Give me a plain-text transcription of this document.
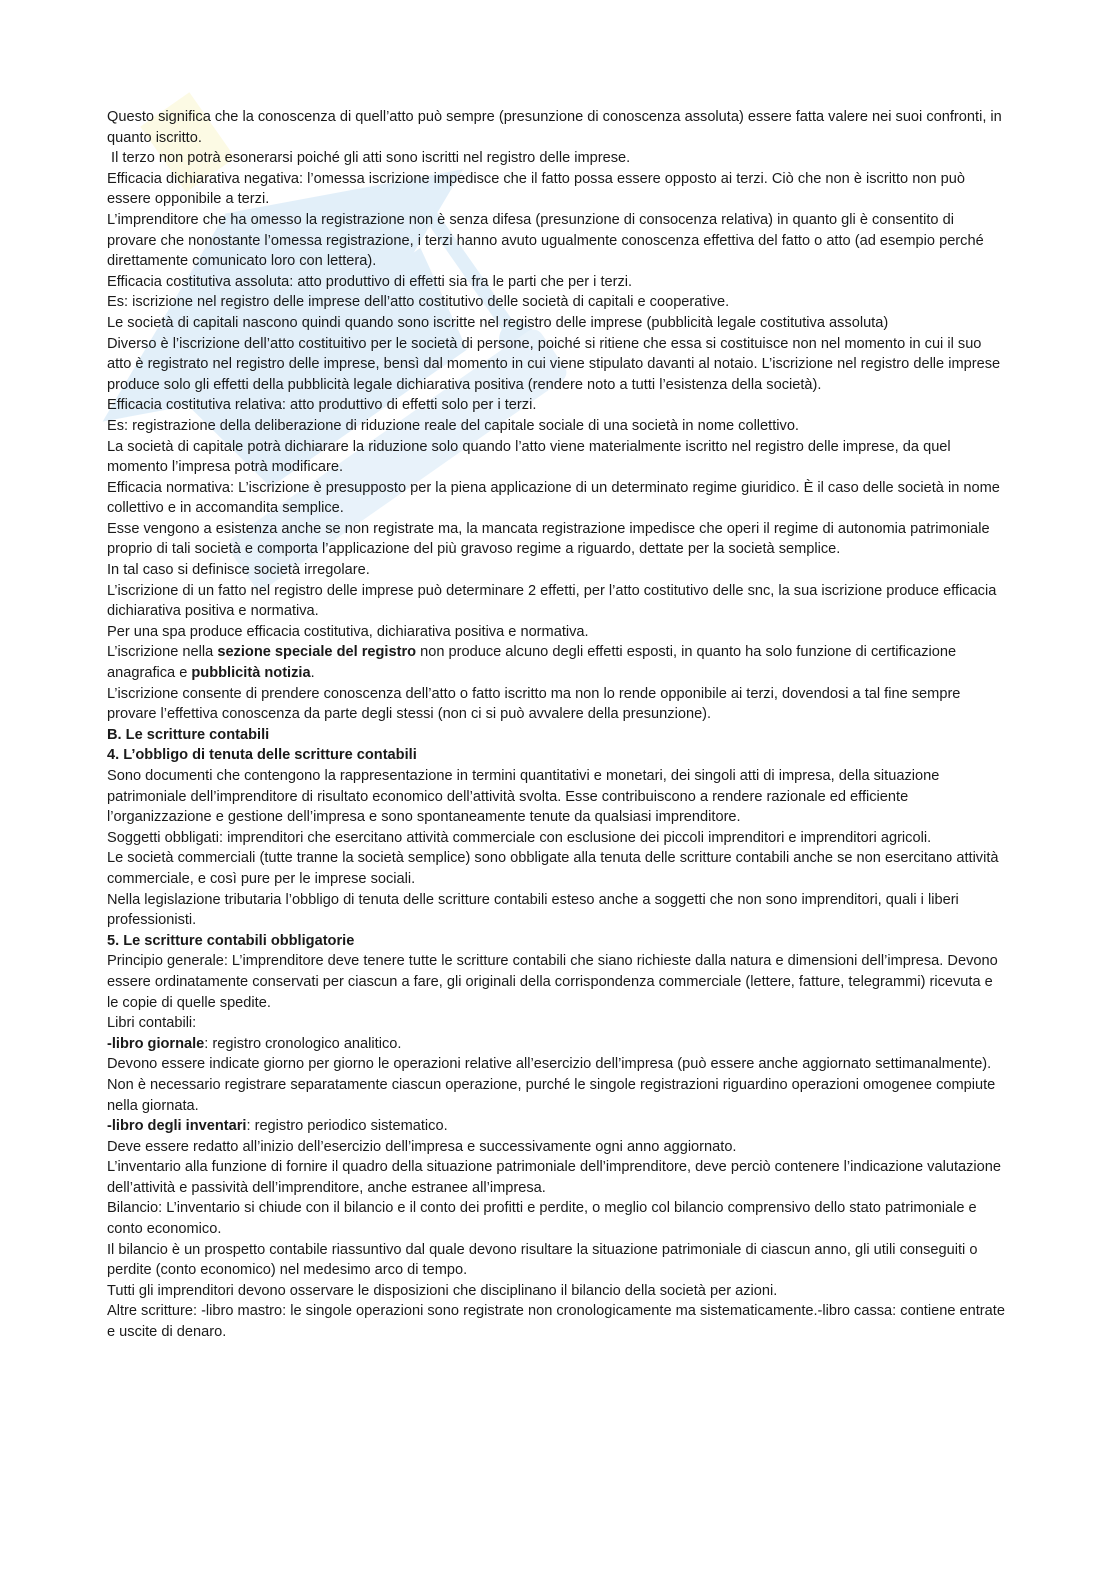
Questo significa che la conoscenza di quell’atto può sempre (presunzione di conoscenza assoluta) essere fatta valere nei suoi confronti, in quanto iscritto.

Il terzo non potrà esonerarsi poiché gli atti sono iscritti nel registro delle imprese.

Efficacia dichiarativa negativa: l’omessa iscrizione impedisce che il fatto possa essere opposto ai terzi. Ciò che non è iscritto non può essere opponibile a terzi.

L’imprenditore che ha omesso la registrazione non è senza difesa (presunzione di consocenza relativa) in quanto gli è consentito di provare che nonostante l’omessa registrazione, i terzi hanno avuto ugualmente conoscenza effettiva del fatto o atto (ad esempio perché direttamente comunicato loro con lettera).

Efficacia costitutiva assoluta: atto produttivo di effetti sia fra le parti che per i terzi.

Es: iscrizione nel registro delle imprese dell’atto costitutivo delle società di capitali e cooperative.

Le società di capitali nascono quindi quando sono iscritte nel registro delle imprese (pubblicità legale costitutiva assoluta)

Diverso è l’iscrizione dell’atto costituitivo per le società di persone, poiché si ritiene che essa si costituisce non nel momento in cui il suo atto è registrato nel registro delle imprese, bensì dal momento in cui viene stipulato davanti al notaio. L’iscrizione nel registro delle imprese produce solo gli effetti della pubblicità legale dichiarativa positiva (rendere noto a tutti l’esistenza della società).

Efficacia costitutiva relativa: atto produttivo di effetti solo per i terzi.

Es: registrazione della deliberazione di riduzione reale del capitale sociale di una società in nome collettivo.

La società di capitale potrà dichiarare la riduzione solo quando l’atto viene materialmente iscritto nel registro delle imprese, da quel momento l’impresa potrà modificare.

Efficacia normativa: L’iscrizione è presupposto per la piena applicazione di un determinato regime giuridico. È il caso delle società in nome collettivo e in accomandita semplice.

Esse vengono a esistenza anche se non registrate ma, la mancata registrazione impedisce che operi il regime di autonomia patrimoniale proprio di tali società e comporta l’applicazione del più gravoso regime a riguardo, dettate per la società semplice.

In tal caso si definisce società irregolare.

L’iscrizione di un fatto nel registro delle imprese può determinare 2 effetti, per l’atto costitutivo delle snc, la sua iscrizione produce efficacia dichiarativa positiva e normativa.

Per una spa produce efficacia costitutiva, dichiarativa positiva e normativa.

L’iscrizione nella sezione speciale del registro non produce alcuno degli effetti esposti, in quanto ha solo funzione di certificazione anagrafica e pubblicità notizia.

L’iscrizione consente di prendere conoscenza dell’atto o fatto iscritto ma non lo rende opponibile ai terzi, dovendosi a tal fine sempre provare l’effettiva conoscenza da parte degli stessi (non ci si può avvalere della presunzione).

B. Le scritture contabili

4. L’obbligo di tenuta delle scritture contabili

Sono documenti che contengono la rappresentazione in termini quantitativi e monetari, dei singoli atti di impresa, della situazione patrimoniale dell’imprenditore di risultato economico dell’attività svolta. Esse contribuiscono a rendere razionale ed efficiente l’organizzazione e gestione dell’impresa e sono spontaneamente tenute da qualsiasi imprenditore.

Soggetti obbligati: imprenditori che esercitano attività commerciale con esclusione dei piccoli imprenditori e imprenditori agricoli.

Le società commerciali (tutte tranne la società semplice) sono obbligate alla tenuta delle scritture contabili anche se non esercitano attività commerciale, e così pure per le imprese sociali.

Nella legislazione tributaria l’obbligo di tenuta delle scritture contabili esteso anche a soggetti che non sono imprenditori, quali i liberi professionisti.

5. Le scritture contabili obbligatorie

Principio generale: L’imprenditore deve tenere tutte le scritture contabili che siano richieste dalla natura e dimensioni dell’impresa. Devono essere ordinatamente conservati per ciascun a fare, gli originali della corrispondenza commerciale (lettere, fatture, telegrammi) ricevuta e le copie di quelle spedite.

Libri contabili:

-libro giornale: registro cronologico analitico.

Devono essere indicate giorno per giorno le operazioni relative all’esercizio dell’impresa (può essere anche aggiornato settimanalmente).

Non è necessario registrare separatamente ciascun operazione, purché le singole registrazioni riguardino operazioni omogenee compiute nella giornata.

-libro degli inventari: registro periodico sistematico.

Deve essere redatto all’inizio dell’esercizio dell’impresa e successivamente ogni anno aggiornato.

L’inventario alla funzione di fornire il quadro della situazione patrimoniale dell’imprenditore, deve perciò contenere l’indicazione valutazione dell’attività e passività dell’imprenditore, anche estranee all’impresa.

Bilancio: L’inventario si chiude con il bilancio e il conto dei profitti e perdite, o meglio col bilancio comprensivo dello stato patrimoniale e conto economico.

Il bilancio è un prospetto contabile riassuntivo dal quale devono risultare la situazione patrimoniale di ciascun anno, gli utili conseguiti o perdite (conto economico) nel medesimo arco di tempo.

Tutti gli imprenditori devono osservare le disposizioni che disciplinano il bilancio della società per azioni.

Altre scritture: -libro mastro: le singole operazioni sono registrate non cronologicamente ma sistematicamente.-libro cassa: contiene entrate e uscite di denaro.
